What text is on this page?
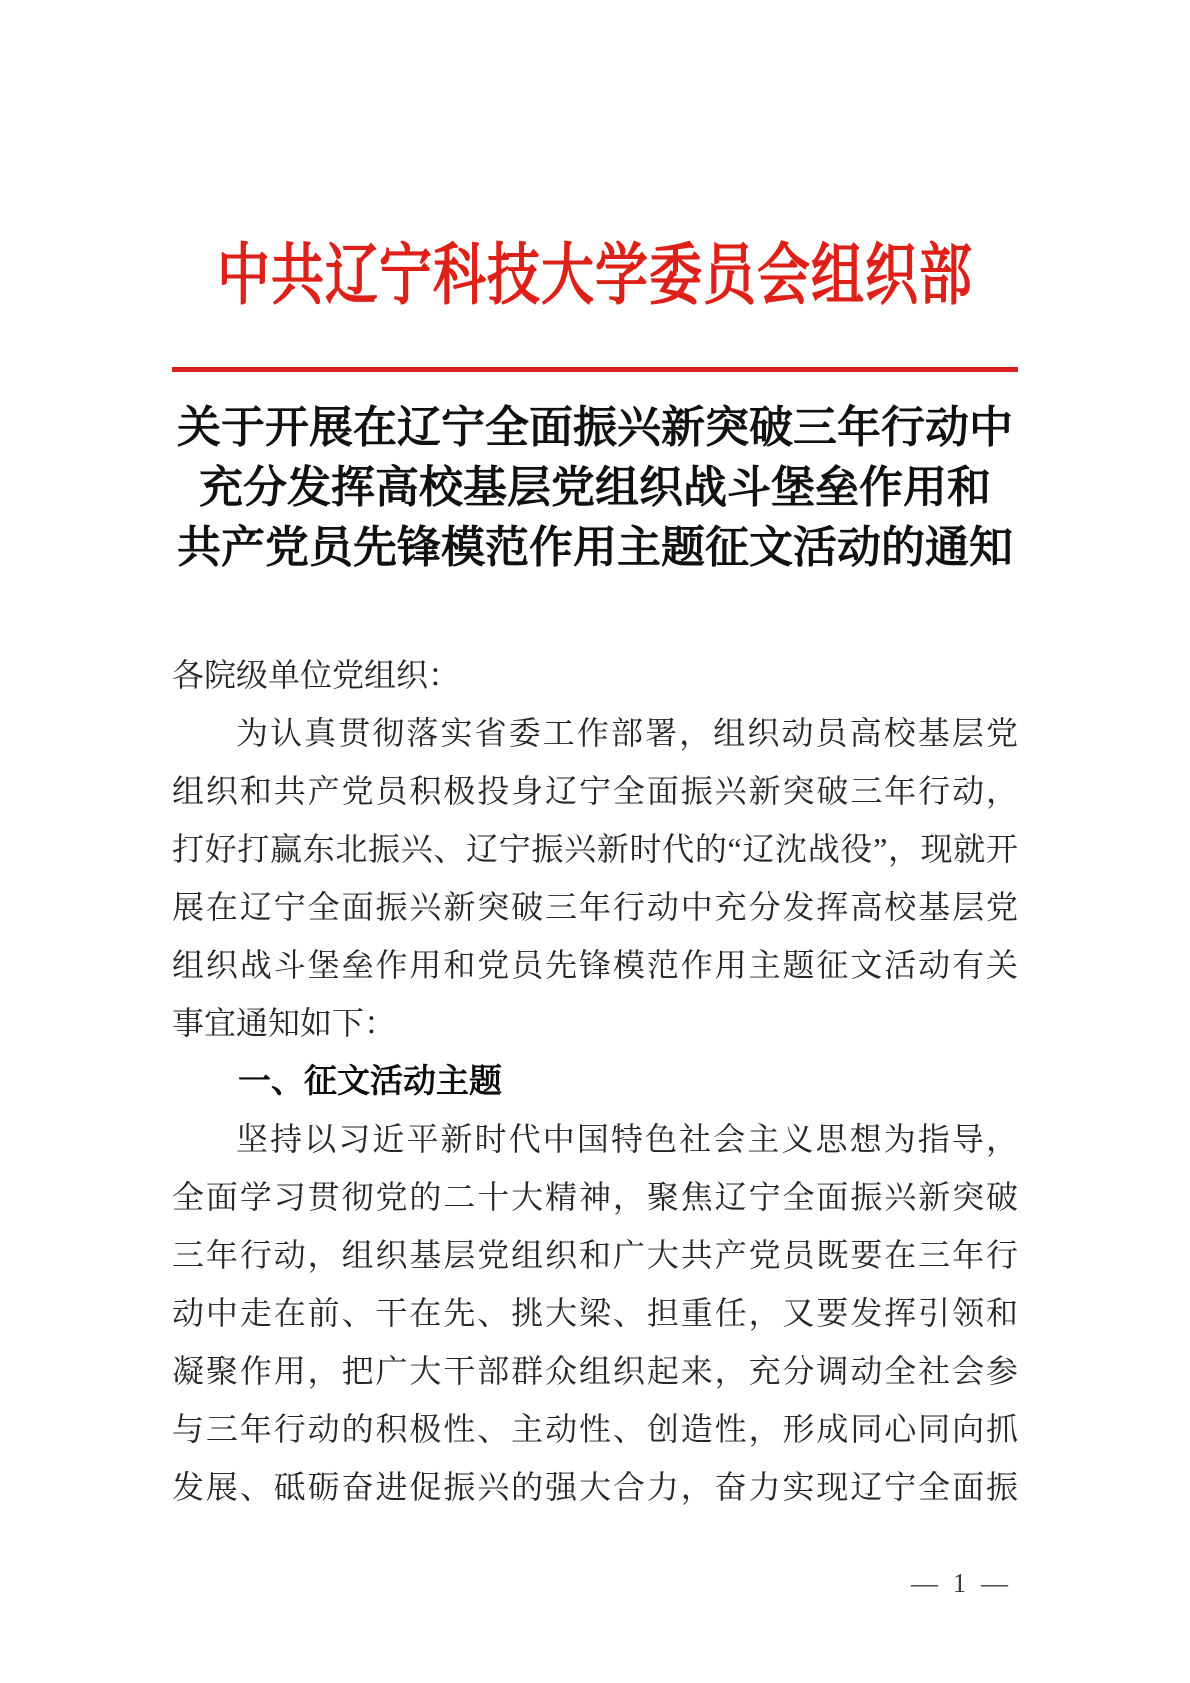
中共辽宁科技大学委员会组织部
关于开展在辽宁全面振兴新突破三年行动中
充分发挥高校基层党组织战斗堡垒作用和
共产党员先锋模范作用主题征文活动的通知
各院级单位党组织：
为认真贯彻落实省委工作部署，组织动员高校基层党
组织和共产党员积极投身辽宁全面振兴新突破三年行动，
打好打赢东北振兴、辽宁振兴新时代的“辽沈战役”，现就开
展在辽宁全面振兴新突破三年行动中充分发挥高校基层党
组织战斗堡垒作用和党员先锋模范作用主题征文活动有关
事宜通知如下：
一、征文活动主题
坚持以习近平新时代中国特色社会主义思想为指导，
全面学习贯彻党的二十大精神，聚焦辽宁全面振兴新突破
三年行动，组织基层党组织和广大共产党员既要在三年行
动中走在前、干在先、挑大梁、担重任，又要发挥引领和
凝聚作用，把广大干部群众组织起来，充分调动全社会参
与三年行动的积极性、主动性、创造性，形成同心同向抓
发展、砥砺奋进促振兴的强大合力，奋力实现辽宁全面振
— 1 —
